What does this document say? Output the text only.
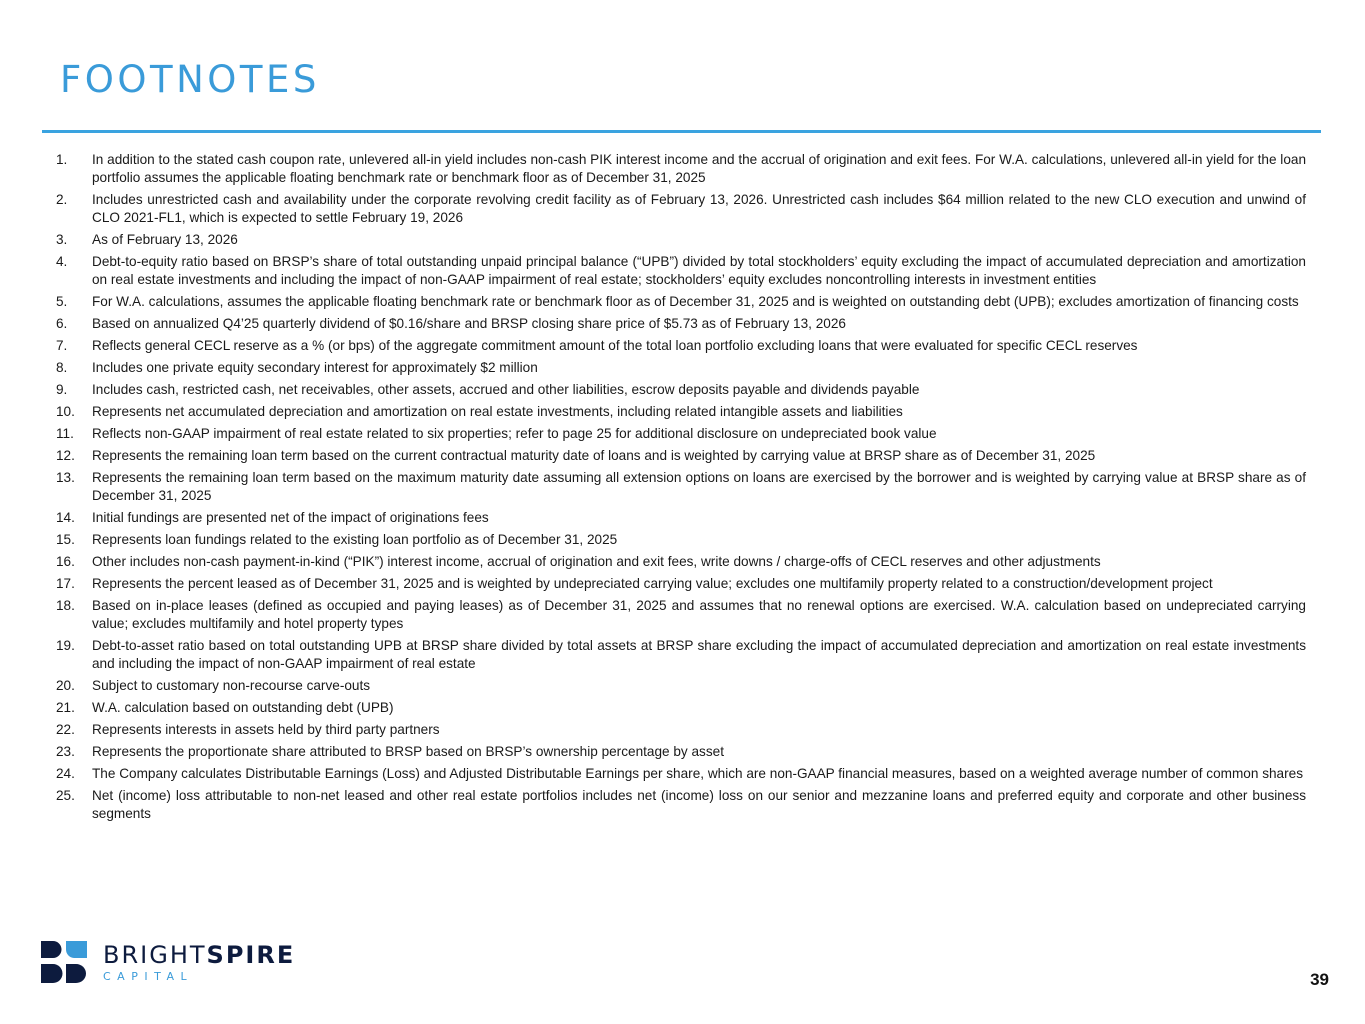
FOOTNOTES
1.	In addition to the stated cash coupon rate, unlevered all-in yield includes non-cash PIK interest income and the accrual of origination and exit fees. For W.A. calculations, unlevered all-in yield for the loan portfolio assumes the applicable floating benchmark rate or benchmark floor as of December 31, 2025
2.	Includes unrestricted cash and availability under the corporate revolving credit facility as of February 13, 2026. Unrestricted cash includes $64 million related to the new CLO execution and unwind of CLO 2021-FL1, which is expected to settle February 19, 2026
3.	As of February 13, 2026
4.	Debt-to-equity ratio based on BRSP’s share of total outstanding unpaid principal balance (“UPB”) divided by total stockholders’ equity excluding the impact of accumulated depreciation and amortization on real estate investments and including the impact of non-GAAP impairment of real estate; stockholders’ equity excludes noncontrolling interests in investment entities
5.	For W.A. calculations, assumes the applicable floating benchmark rate or benchmark floor as of December 31, 2025 and is weighted on outstanding debt (UPB); excludes amortization of financing costs
6.	Based on annualized Q4’25 quarterly dividend of $0.16/share and BRSP closing share price of $5.73 as of February 13, 2026
7.	Reflects general CECL reserve as a % (or bps) of the aggregate commitment amount of the total loan portfolio excluding loans that were evaluated for specific CECL reserves
8.	Includes one private equity secondary interest for approximately $2 million
9.	Includes cash, restricted cash, net receivables, other assets, accrued and other liabilities, escrow deposits payable and dividends payable
10.	Represents net accumulated depreciation and amortization on real estate investments, including related intangible assets and liabilities
11.	Reflects non-GAAP impairment of real estate related to six properties; refer to page 25 for additional disclosure on undepreciated book value
12.	Represents the remaining loan term based on the current contractual maturity date of loans and is weighted by carrying value at BRSP share as of December 31, 2025
13.	Represents the remaining loan term based on the maximum maturity date assuming all extension options on loans are exercised by the borrower and is weighted by carrying value at BRSP share as of December 31, 2025
14.	Initial fundings are presented net of the impact of originations fees
15.	Represents loan fundings related to the existing loan portfolio as of December 31, 2025
16.	Other includes non-cash payment-in-kind (“PIK”) interest income, accrual of origination and exit fees, write downs / charge-offs of CECL reserves and other adjustments
17.	Represents the percent leased as of December 31, 2025 and is weighted by undepreciated carrying value; excludes one multifamily property related to a construction/development project
18.	Based on in-place leases (defined as occupied and paying leases) as of December 31, 2025 and assumes that no renewal options are exercised. W.A. calculation based on undepreciated carrying value; excludes multifamily and hotel property types
19.	Debt-to-asset ratio based on total outstanding UPB at BRSP share divided by total assets at BRSP share excluding the impact of accumulated depreciation and amortization on real estate investments and including the impact of non-GAAP impairment of real estate
20.	Subject to customary non-recourse carve-outs
21.	W.A. calculation based on outstanding debt (UPB)
22.	Represents interests in assets held by third party partners
23.	Represents the proportionate share attributed to BRSP based on BRSP’s ownership percentage by asset
24.	The Company calculates Distributable Earnings (Loss) and Adjusted Distributable Earnings per share, which are non-GAAP financial measures, based on a weighted average number of common shares
25.	Net (income) loss attributable to non-net leased and other real estate portfolios includes net (income) loss on our senior and mezzanine loans and preferred equity and corporate and other business segments
BRIGHTSPIRE
CAPITAL	39
